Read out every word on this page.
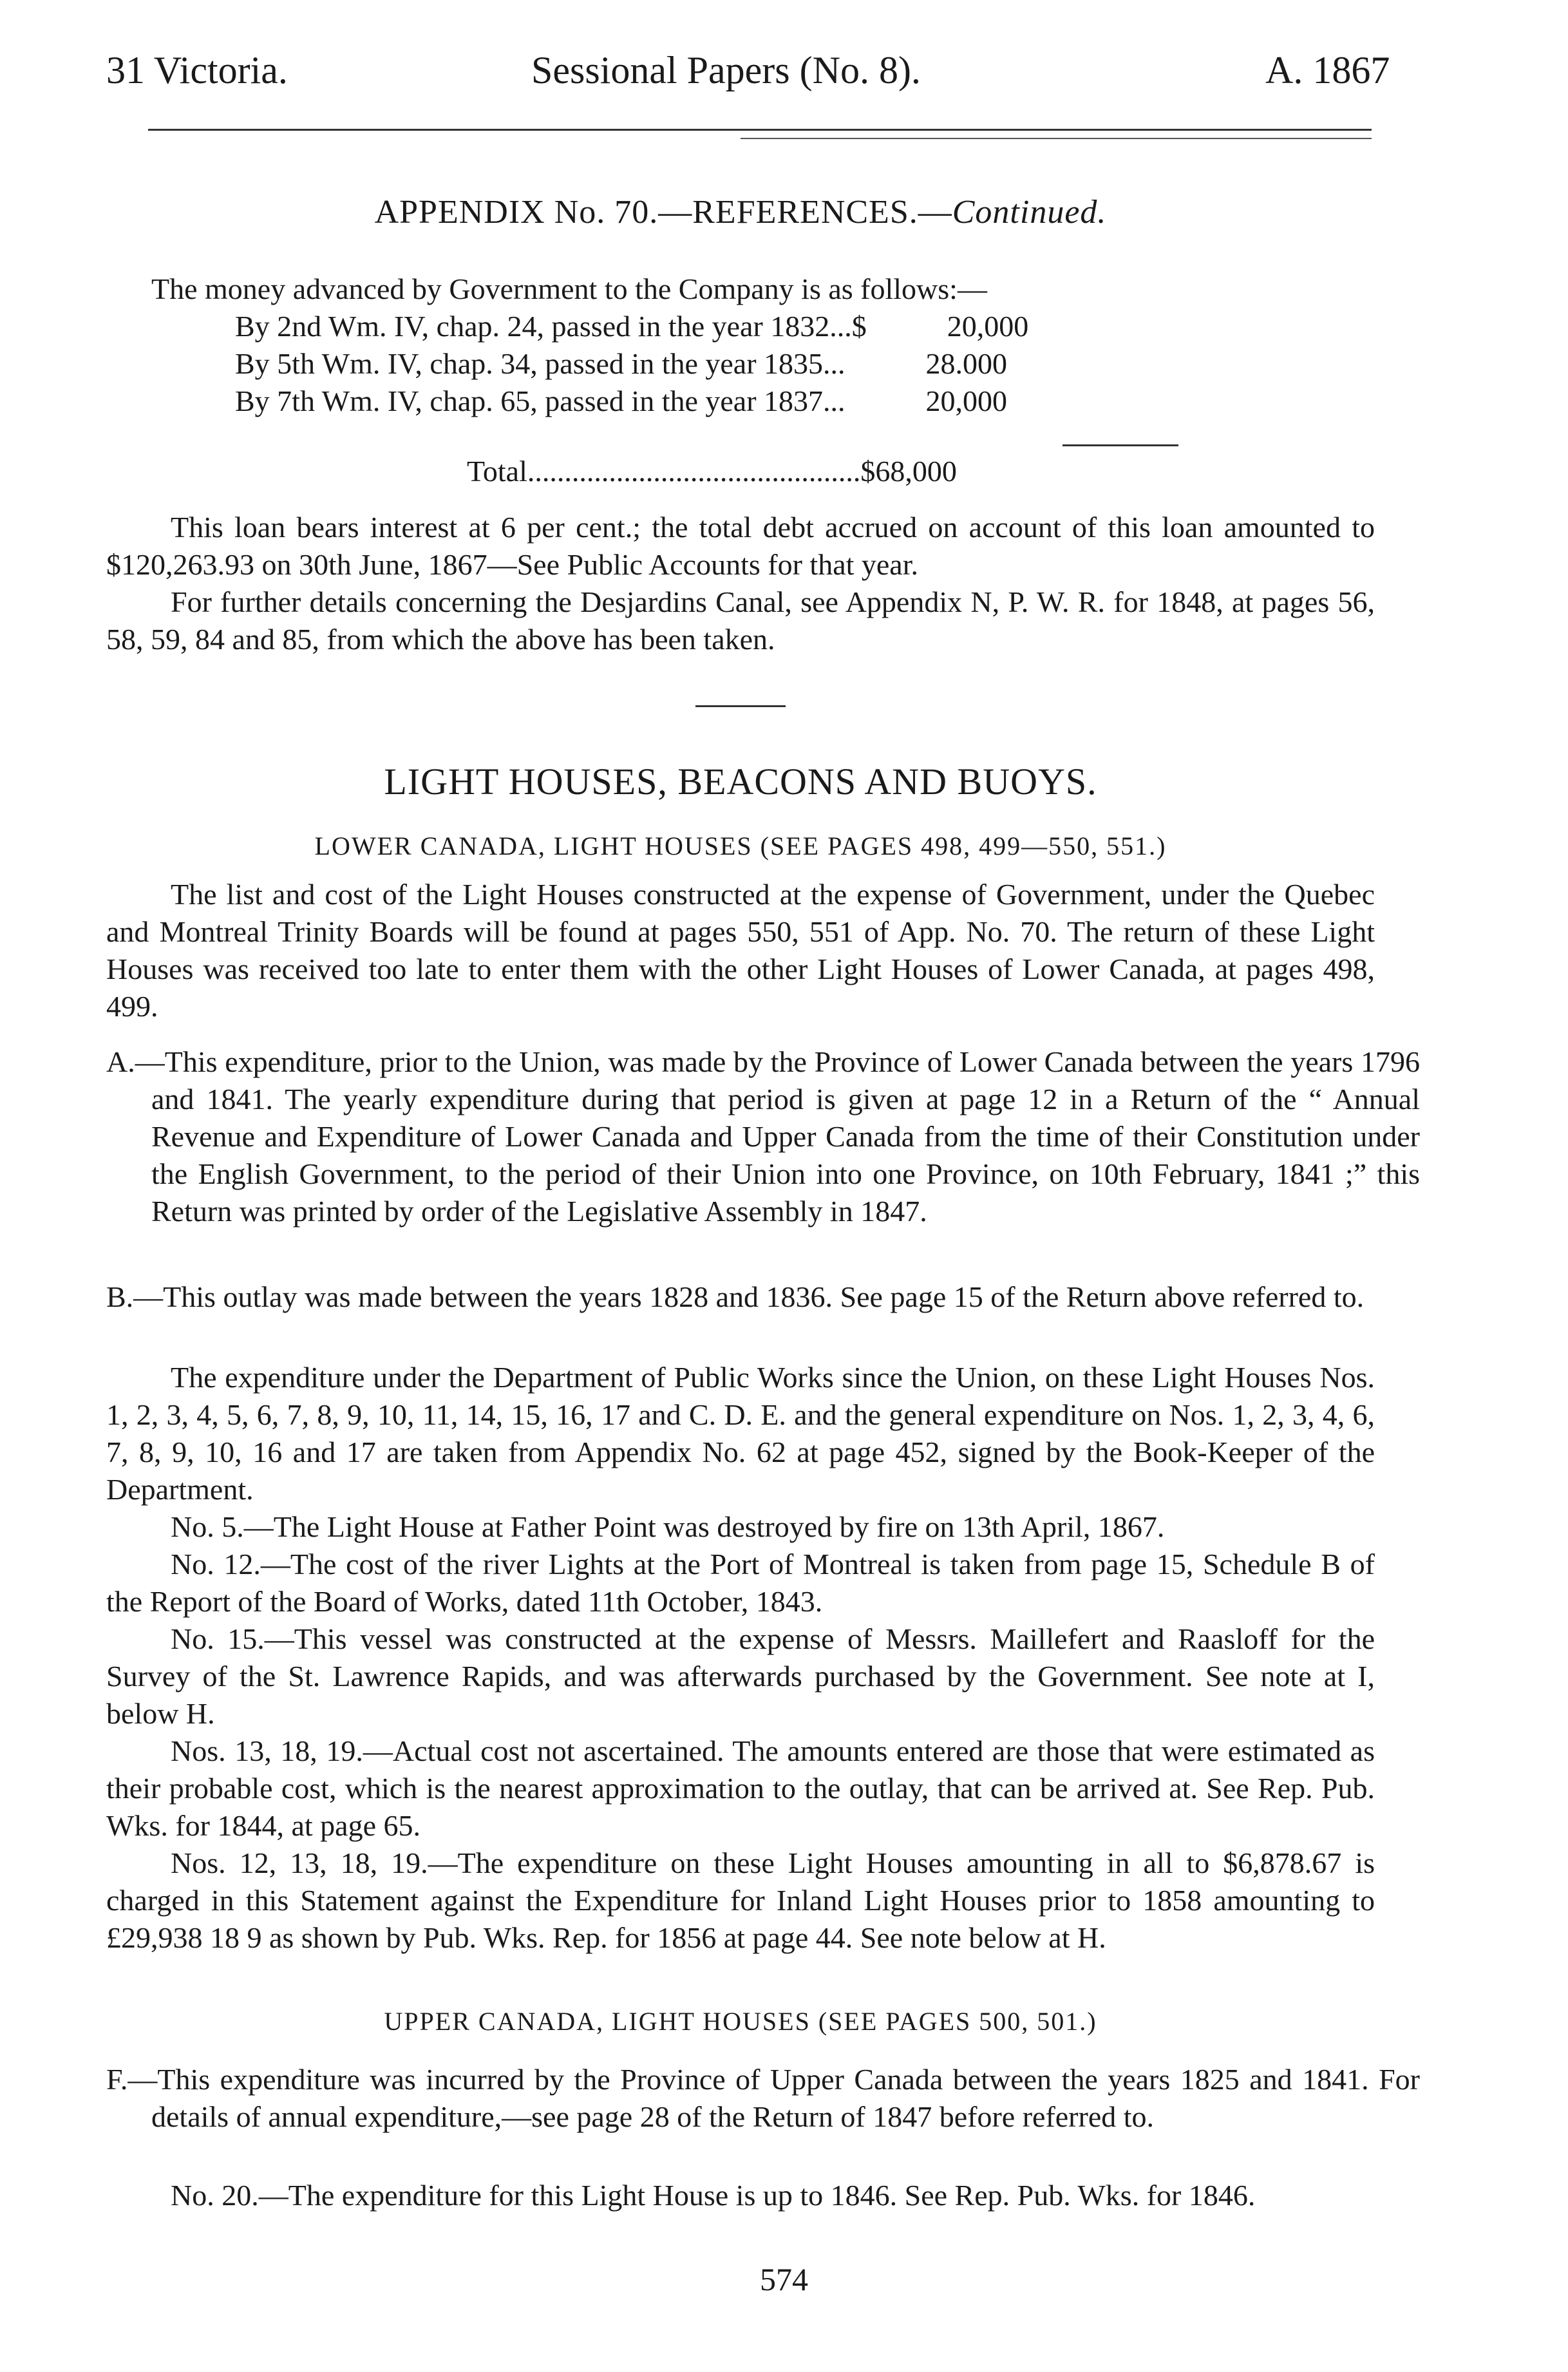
31 Victoria.	Sessional Papers (No. 8).	A. 1867
APPENDIX No. 70.—REFERENCES.—Continued.
The money advanced by Government to the Company is as follows:—
By 2nd Wm. IV, chap. 24, passed in the year 1832...$	20,000
By 5th Wm. IV, chap. 34, passed in the year 1835...	28.000
By 7th Wm. IV, chap. 65, passed in the year 1837...	20,000
Total.............................................$68,000
This loan bears interest at 6 per cent.; the total debt accrued on account of this loan amounted to $120,263.93 on 30th June, 1867—See Public Accounts for that year.
For further details concerning the Desjardins Canal, see Appendix N, P. W. R. for 1848, at pages 56, 58, 59, 84 and 85, from which the above has been taken.
LIGHT HOUSES, BEACONS AND BUOYS.
LOWER CANADA, LIGHT HOUSES (SEE PAGES 498, 499—550, 551.)
The list and cost of the Light Houses constructed at the expense of Government, under the Quebec and Montreal Trinity Boards will be found at pages 550, 551 of App. No. 70. The return of these Light Houses was received too late to enter them with the other Light Houses of Lower Canada, at pages 498, 499.
A.—This expenditure, prior to the Union, was made by the Province of Lower Canada between the years 1796 and 1841. The yearly expenditure during that period is given at page 12 in a Return of the “ Annual Revenue and Expenditure of Lower Canada and Upper Canada from the time of their Constitution under the English Government, to the period of their Union into one Province, on 10th February, 1841 ;” this Return was printed by order of the Legislative Assembly in 1847.
B.—This outlay was made between the years 1828 and 1836. See page 15 of the Return above referred to.
The expenditure under the Department of Public Works since the Union, on these Light Houses Nos. 1, 2, 3, 4, 5, 6, 7, 8, 9, 10, 11, 14, 15, 16, 17 and C. D. E. and the general expenditure on Nos. 1, 2, 3, 4, 6, 7, 8, 9, 10, 16 and 17 are taken from Appendix No. 62 at page 452, signed by the Book-Keeper of the Department.
No. 5.—The Light House at Father Point was destroyed by fire on 13th April, 1867.
No. 12.—The cost of the river Lights at the Port of Montreal is taken from page 15, Schedule B of the Report of the Board of Works, dated 11th October, 1843.
No. 15.—This vessel was constructed at the expense of Messrs. Maillefert and Raasloff for the Survey of the St. Lawrence Rapids, and was afterwards purchased by the Government. See note at I, below H.
Nos. 13, 18, 19.—Actual cost not ascertained. The amounts entered are those that were estimated as their probable cost, which is the nearest approximation to the outlay, that can be arrived at. See Rep. Pub. Wks. for 1844, at page 65.
Nos. 12, 13, 18, 19.—The expenditure on these Light Houses amounting in all to $6,878.67 is charged in this Statement against the Expenditure for Inland Light Houses prior to 1858 amounting to £29,938 18 9 as shown by Pub. Wks. Rep. for 1856 at page 44. See note below at H.
UPPER CANADA, LIGHT HOUSES (SEE PAGES 500, 501.)
F.—This expenditure was incurred by the Province of Upper Canada between the years 1825 and 1841. For details of annual expenditure,—see page 28 of the Return of 1847 before referred to.
No. 20.—The expenditure for this Light House is up to 1846. See Rep. Pub. Wks. for 1846.
574
